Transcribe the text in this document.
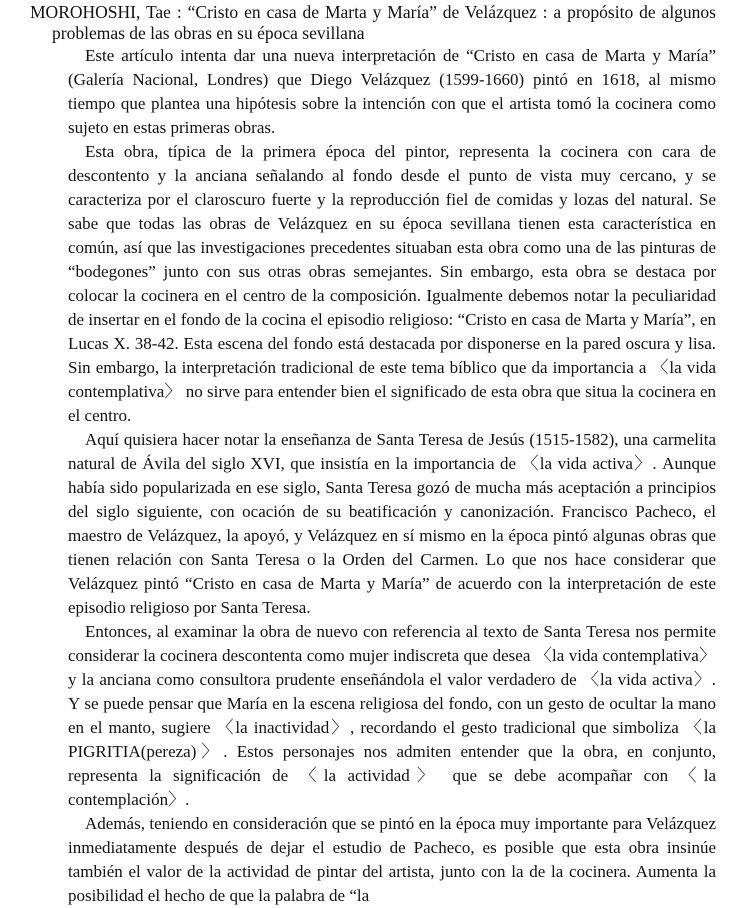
MOROHOSHI, Tae : “Cristo en casa de Marta y María” de Velázquez : a propósito de algunos problemas de las obras en su época sevillana

Este artículo intenta dar una nueva interpretación de “Cristo en casa de Marta y María” (Galería Nacional, Londres) que Diego Velázquez (1599-1660) pintó en 1618, al mismo tiempo que plantea una hipótesis sobre la intención con que el artista tomó la cocinera como sujeto en estas primeras obras.

Esta obra, típica de la primera época del pintor, representa la cocinera con cara de descontento y la anciana señalando al fondo desde el punto de vista muy cercano, y se caracteriza por el claroscuro fuerte y la reproducción fiel de comidas y lozas del natural. Se sabe que todas las obras de Velázquez en su época sevillana tienen esta característica en común, así que las investigaciones precedentes situaban esta obra como una de las pinturas de “bodegones” junto con sus otras obras semejantes. Sin embargo, esta obra se destaca por colocar la cocinera en el centro de la composición. Igualmente debemos notar la peculiaridad de insertar en el fondo de la cocina el episodio religioso: “Cristo en casa de Marta y María”, en Lucas X. 38-42. Esta escena del fondo está destacada por disponerse en la pared oscura y lisa. Sin embargo, la interpretación tradicional de este tema bíblico que da importancia a 〈la vida contemplativa〉 no sirve para entender bien el significado de esta obra que situa la cocinera en el centro.

Aquí quisiera hacer notar la enseñanza de Santa Teresa de Jesús (1515-1582), una carmelita natural de Ávila del siglo XVI, que insistía en la importancia de 〈la vida activa〉. Aunque había sido popularizada en ese siglo, Santa Teresa gozó de mucha más aceptación a principios del siglo siguiente, con ocación de su beatificación y canonización. Francisco Pacheco, el maestro de Velázquez, la apoyó, y Velázquez en sí mismo en la época pintó algunas obras que tienen relación con Santa Teresa o la Orden del Carmen. Lo que nos hace considerar que Velázquez pintó “Cristo en casa de Marta y María” de acuerdo con la interpretación de este episodio religioso por Santa Teresa.

Entonces, al examinar la obra de nuevo con referencia al texto de Santa Teresa nos permite considerar la cocinera descontenta como mujer indiscreta que desea 〈la vida contemplativa〉 y la anciana como consultora prudente enseñándola el valor verdadero de 〈la vida activa〉. Y se puede pensar que María en la escena religiosa del fondo, con un gesto de ocultar la mano en el manto, sugiere 〈la inactividad〉, recordando el gesto tradicional que simboliza 〈la PIGRITIA(pereza)〉. Estos personajes nos admiten entender que la obra, en conjunto, representa la significación de 〈la actividad〉 que se debe acompañar con 〈la contemplación〉.

Además, teniendo en consideración que se pintó en la época muy importante para Velázquez inmediatamente después de dejar el estudio de Pacheco, es posible que esta obra insinúe también el valor de la actividad de pintar del artista, junto con la de la cocinera. Aumenta la posibilidad el hecho de que la palabra de “la
